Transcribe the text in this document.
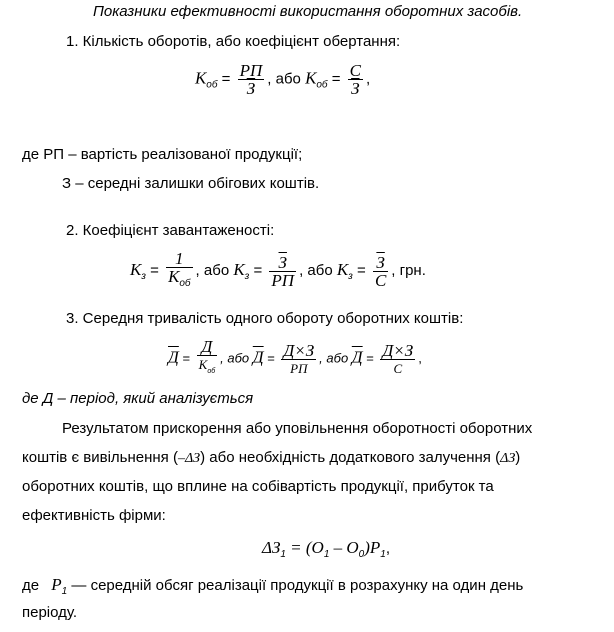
Показники ефективності використання оборотних засобів.
1. Кількість оборотів, або коефіцієнт обертання:
$К_{об}$ = РП
З
, або $К_{об} = С$
З
,
де РП – вартість реалізованої продукції;
З – середні залишки обігових коштів.
2. Коефіцієнт завантаженості:
$К_з$ =
1
$К_{об}$
, або $К_з = З$
РП
, або $К_з = З$
С
, грн.
3. Середня тривалість одного обороту оборотних коштів:
Д =
Д
$К_{об}$
, або Д = Д×З
РП
, або Д = Д×З
С
,
де Д – період, який аналізується
Результатом прискорення або уповільнення оборотності оборотних
коштів є вивільнення (–ΔЗ) або необхідність додаткового залучення (ΔЗ)
оборотних коштів, що вплине на собівартість продукції, прибуток та
ефективність фірми:
$\Delta З_1 = (О_1 - О_0)Р_1$,
де $Р_1$ — середній обсяг реалізації продукції в розрахунку на один день
періоду.
